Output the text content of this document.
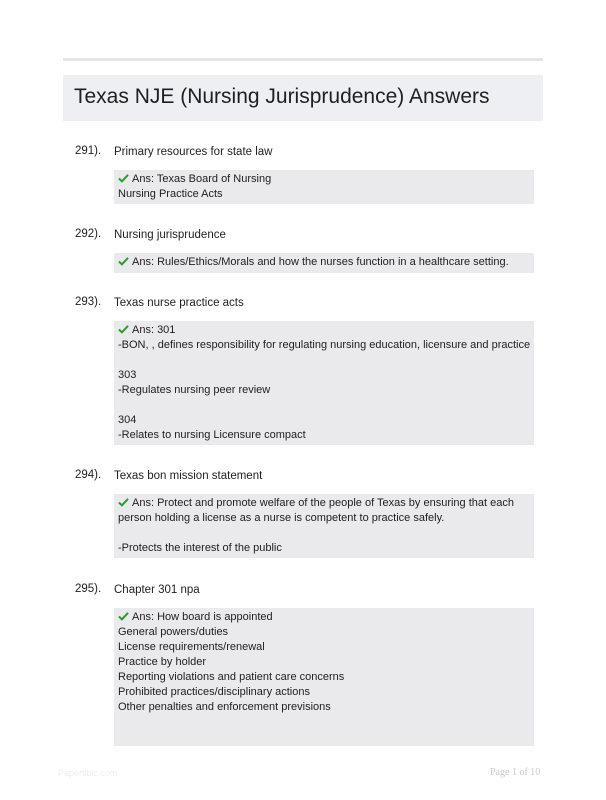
Texas NJE (Nursing Jurisprudence) Answers
291). Primary resources for state law
Ans: Texas Board of Nursing
Nursing Practice Acts
292). Nursing jurisprudence
Ans: Rules/Ethics/Morals and how the nurses function in a healthcare setting.
293). Texas nurse practice acts
Ans: 301
-BON, , defines responsibility for regulating nursing education, licensure and practice
303
-Regulates nursing peer review
304
-Relates to nursing Licensure compact
294). Texas bon mission statement
Ans: Protect and promote welfare of the people of Texas by ensuring that each
person holding a license as a nurse is competent to practice safely.
-Protects the interest of the public
295). Chapter 301 npa
Ans: How board is appointed
General powers/duties
License requirements/renewal
Practice by holder
Reporting violations and patient care concerns
Prohibited practices/disciplinary actions
Other penalties and enforcement previsions
Papertiblc.com	Page 1 of 10
